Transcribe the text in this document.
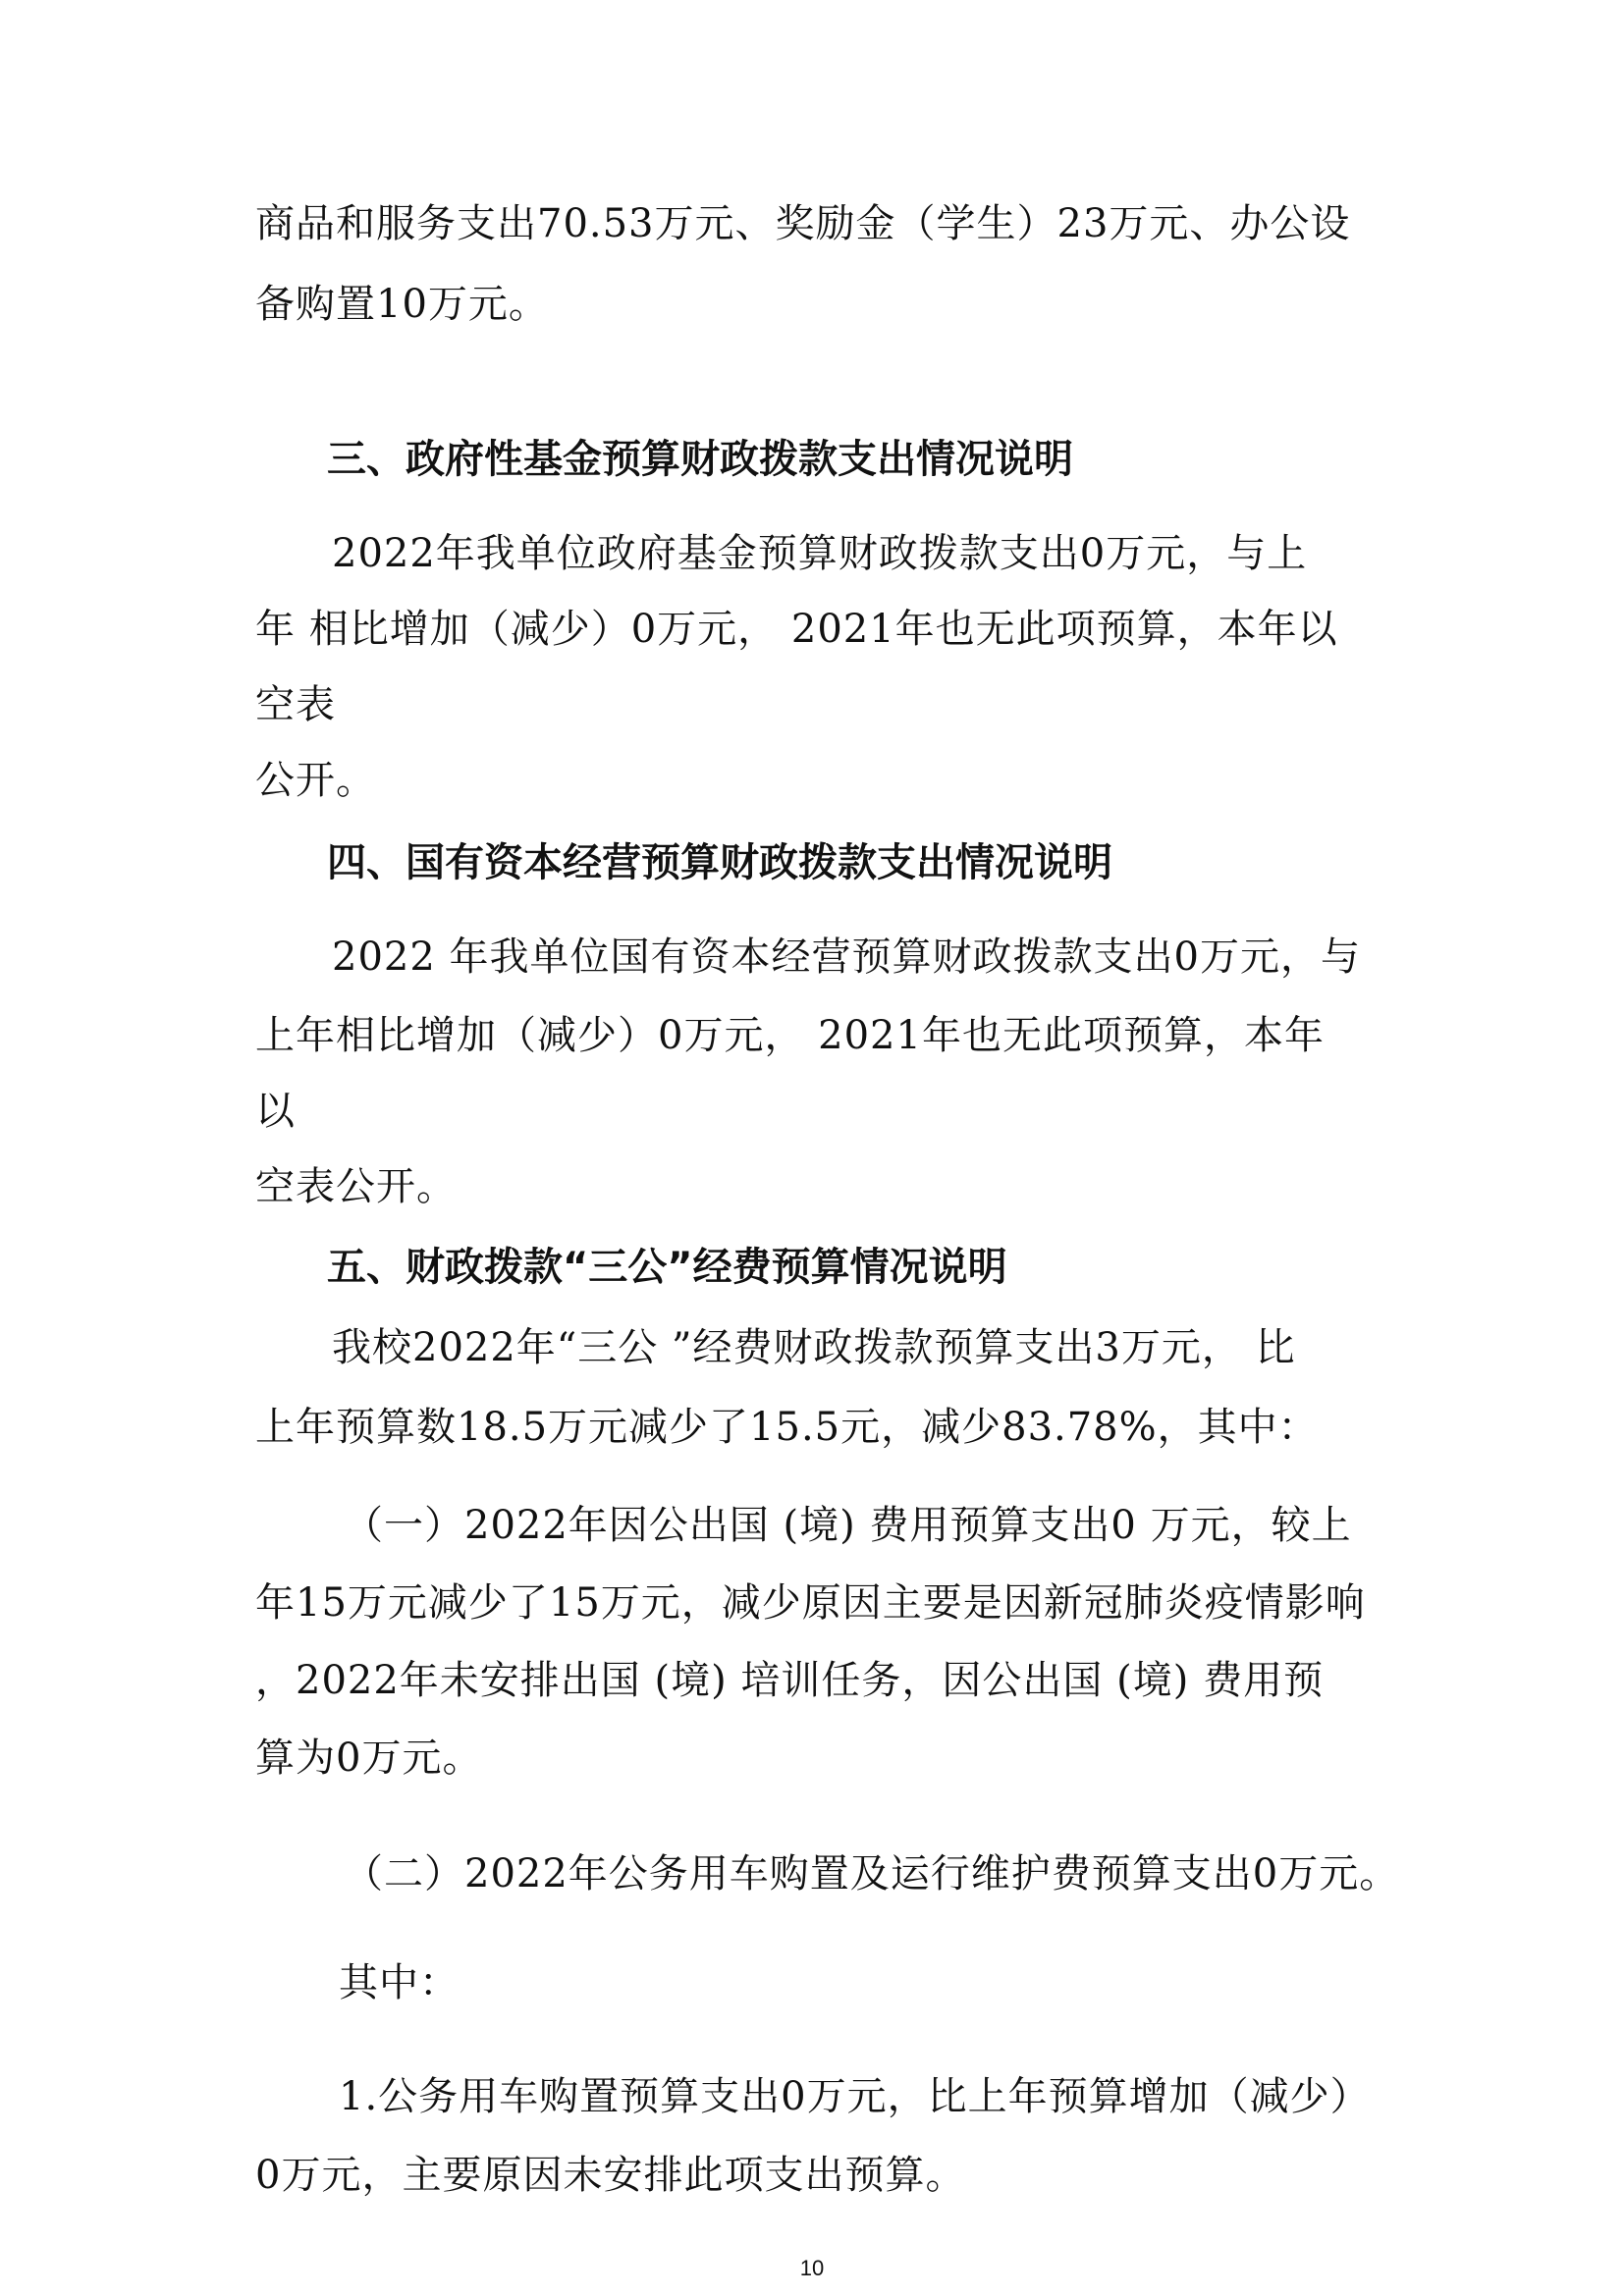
商品和服务支出70.53万元、奖励金（学生）23万元、办公设

备购置10万元。

三、政府性基金预算财政拨款支出情况说明

2022年我单位政府基金预算财政拨款支出0万元，与上

年 相比增加（减少）0万元， 2021年也无此项预算，本年以

空表

公开。

四、国有资本经营预算财政拨款支出情况说明

2022 年我单位国有资本经营预算财政拨款支出0万元，与

上年相比增加（减少）0万元， 2021年也无此项预算，本年

以

空表公开。

五、财政拨款“三公”经费预算情况说明

我校2022年“三公 ”经费财政拨款预算支出3万元， 比

上年预算数18.5万元减少了15.5元，减少83.78%，其中：

（一）2022年因公出国 (境) 费用预算支出0 万元，较上

年15万元减少了15万元，减少原因主要是因新冠肺炎疫情影响

，2022年未安排出国 (境) 培训任务，因公出国 (境) 费用预

算为0万元。

（二）2022年公务用车购置及运行维护费预算支出0万元。

其中：

1.公务用车购置预算支出0万元，比上年预算增加（减少）

0万元，主要原因未安排此项支出预算。

10
